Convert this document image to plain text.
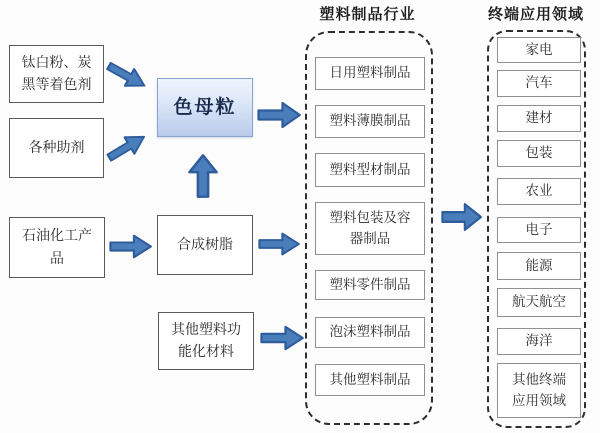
钛白粉、炭黑等着色剂
各种助剂
石油化工产品
色母粒
合成树脂
其他塑料功能化材料
塑料制品行业
日用塑料制品
塑料薄膜制品
塑料型材制品
塑料包装及容器制品
塑料零件制品
泡沫塑料制品
其他塑料制品
终端应用领域
家电
汽车
建材
包装
农业
电子
能源
航天航空
海洋
其他终端应用领域
